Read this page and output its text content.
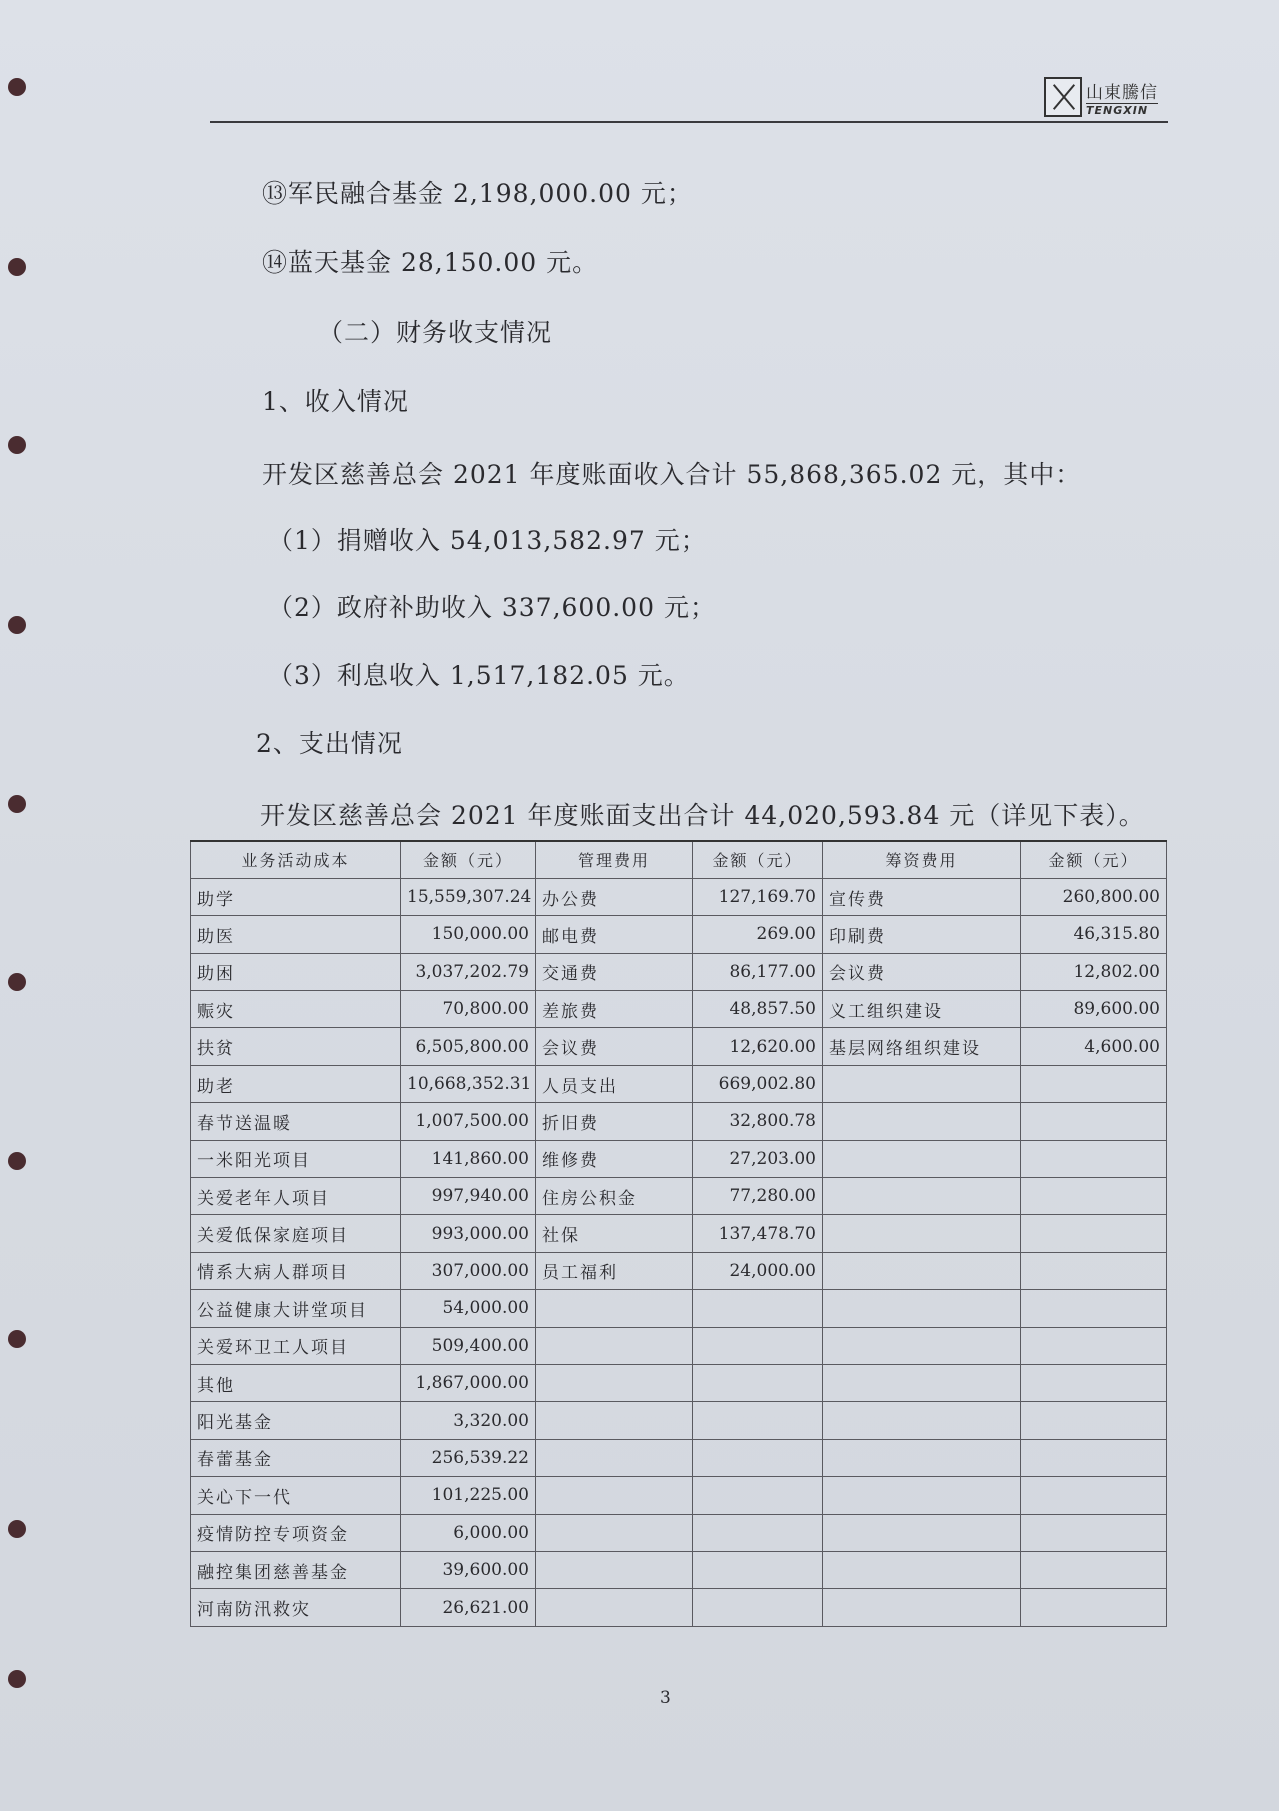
山東騰信
TENGXIN
⑬军民融合基金 2,198,000.00 元；
⑭蓝天基金 28,150.00 元。
（二）财务收支情况
1、收入情况
开发区慈善总会 2021 年度账面收入合计 55,868,365.02 元，其中：
（1）捐赠收入 54,013,582.97 元；
（2）政府补助收入 337,600.00 元；
（3）利息收入 1,517,182.05 元。
2、支出情况
开发区慈善总会 2021 年度账面支出合计 44,020,593.84 元（详见下表）。
业务活动成本	金额（元）	管理费用	金额（元）	筹资费用	金额（元）
助学	15,559,307.24	办公费	127,169.70	宣传费	260,800.00
助医	150,000.00	邮电费	269.00	印刷费	46,315.80
助困	3,037,202.79	交通费	86,177.00	会议费	12,802.00
赈灾	70,800.00	差旅费	48,857.50	义工组织建设	89,600.00
扶贫	6,505,800.00	会议费	12,620.00	基层网络组织建设	4,600.00
助老	10,668,352.31	人员支出	669,002.80		
春节送温暖	1,007,500.00	折旧费	32,800.78		
一米阳光项目	141,860.00	维修费	27,203.00		
关爱老年人项目	997,940.00	住房公积金	77,280.00		
关爱低保家庭项目	993,000.00	社保	137,478.70		
情系大病人群项目	307,000.00	员工福利	24,000.00		
公益健康大讲堂项目	54,000.00				
关爱环卫工人项目	509,400.00				
其他	1,867,000.00				
阳光基金	3,320.00				
春蕾基金	256,539.22				
关心下一代	101,225.00				
疫情防控专项资金	6,000.00				
融控集团慈善基金	39,600.00				
河南防汛救灾	26,621.00				
3
